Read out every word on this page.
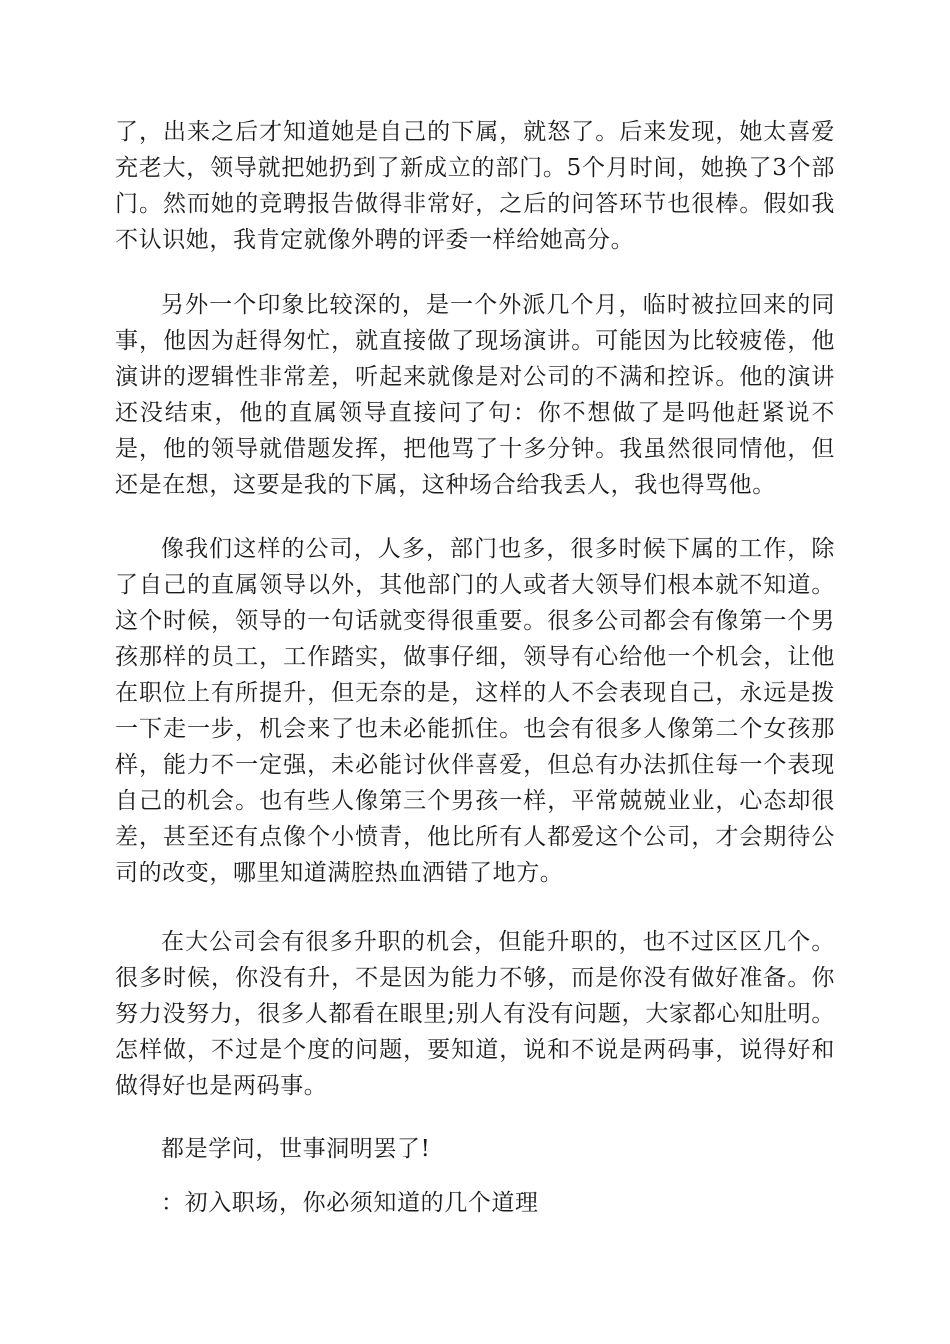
了，出来之后才知道她是自己的下属，就怒了。后来发现，她太喜爱充老大，领导就把她扔到了新成立的部门。5个月时间，她换了3个部门。然而她的竞聘报告做得非常好，之后的问答环节也很棒。假如我不认识她，我肯定就像外聘的评委一样给她高分。

另外一个印象比较深的，是一个外派几个月，临时被拉回来的同事，他因为赶得匆忙，就直接做了现场演讲。可能因为比较疲倦，他演讲的逻辑性非常差，听起来就像是对公司的不满和控诉。他的演讲还没结束，他的直属领导直接问了句：你不想做了是吗他赶紧说不是，他的领导就借题发挥，把他骂了十多分钟。我虽然很同情他，但还是在想，这要是我的下属，这种场合给我丢人，我也得骂他。

像我们这样的公司，人多，部门也多，很多时候下属的工作，除了自己的直属领导以外，其他部门的人或者大领导们根本就不知道。这个时候，领导的一句话就变得很重要。很多公司都会有像第一个男孩那样的员工，工作踏实，做事仔细，领导有心给他一个机会，让他在职位上有所提升，但无奈的是，这样的人不会表现自己，永远是拨一下走一步，机会来了也未必能抓住。也会有很多人像第二个女孩那样，能力不一定强，未必能讨伙伴喜爱，但总有办法抓住每一个表现自己的机会。也有些人像第三个男孩一样，平常兢兢业业，心态却很差，甚至还有点像个小愤青，他比所有人都爱这个公司，才会期待公司的改变，哪里知道满腔热血洒错了地方。

在大公司会有很多升职的机会，但能升职的，也不过区区几个。很多时候，你没有升，不是因为能力不够，而是你没有做好准备。你努力没努力，很多人都看在眼里;别人有没有问题，大家都心知肚明。怎样做，不过是个度的问题，要知道，说和不说是两码事，说得好和做得好也是两码事。

都是学问，世事洞明罢了!

：初入职场，你必须知道的几个道理
